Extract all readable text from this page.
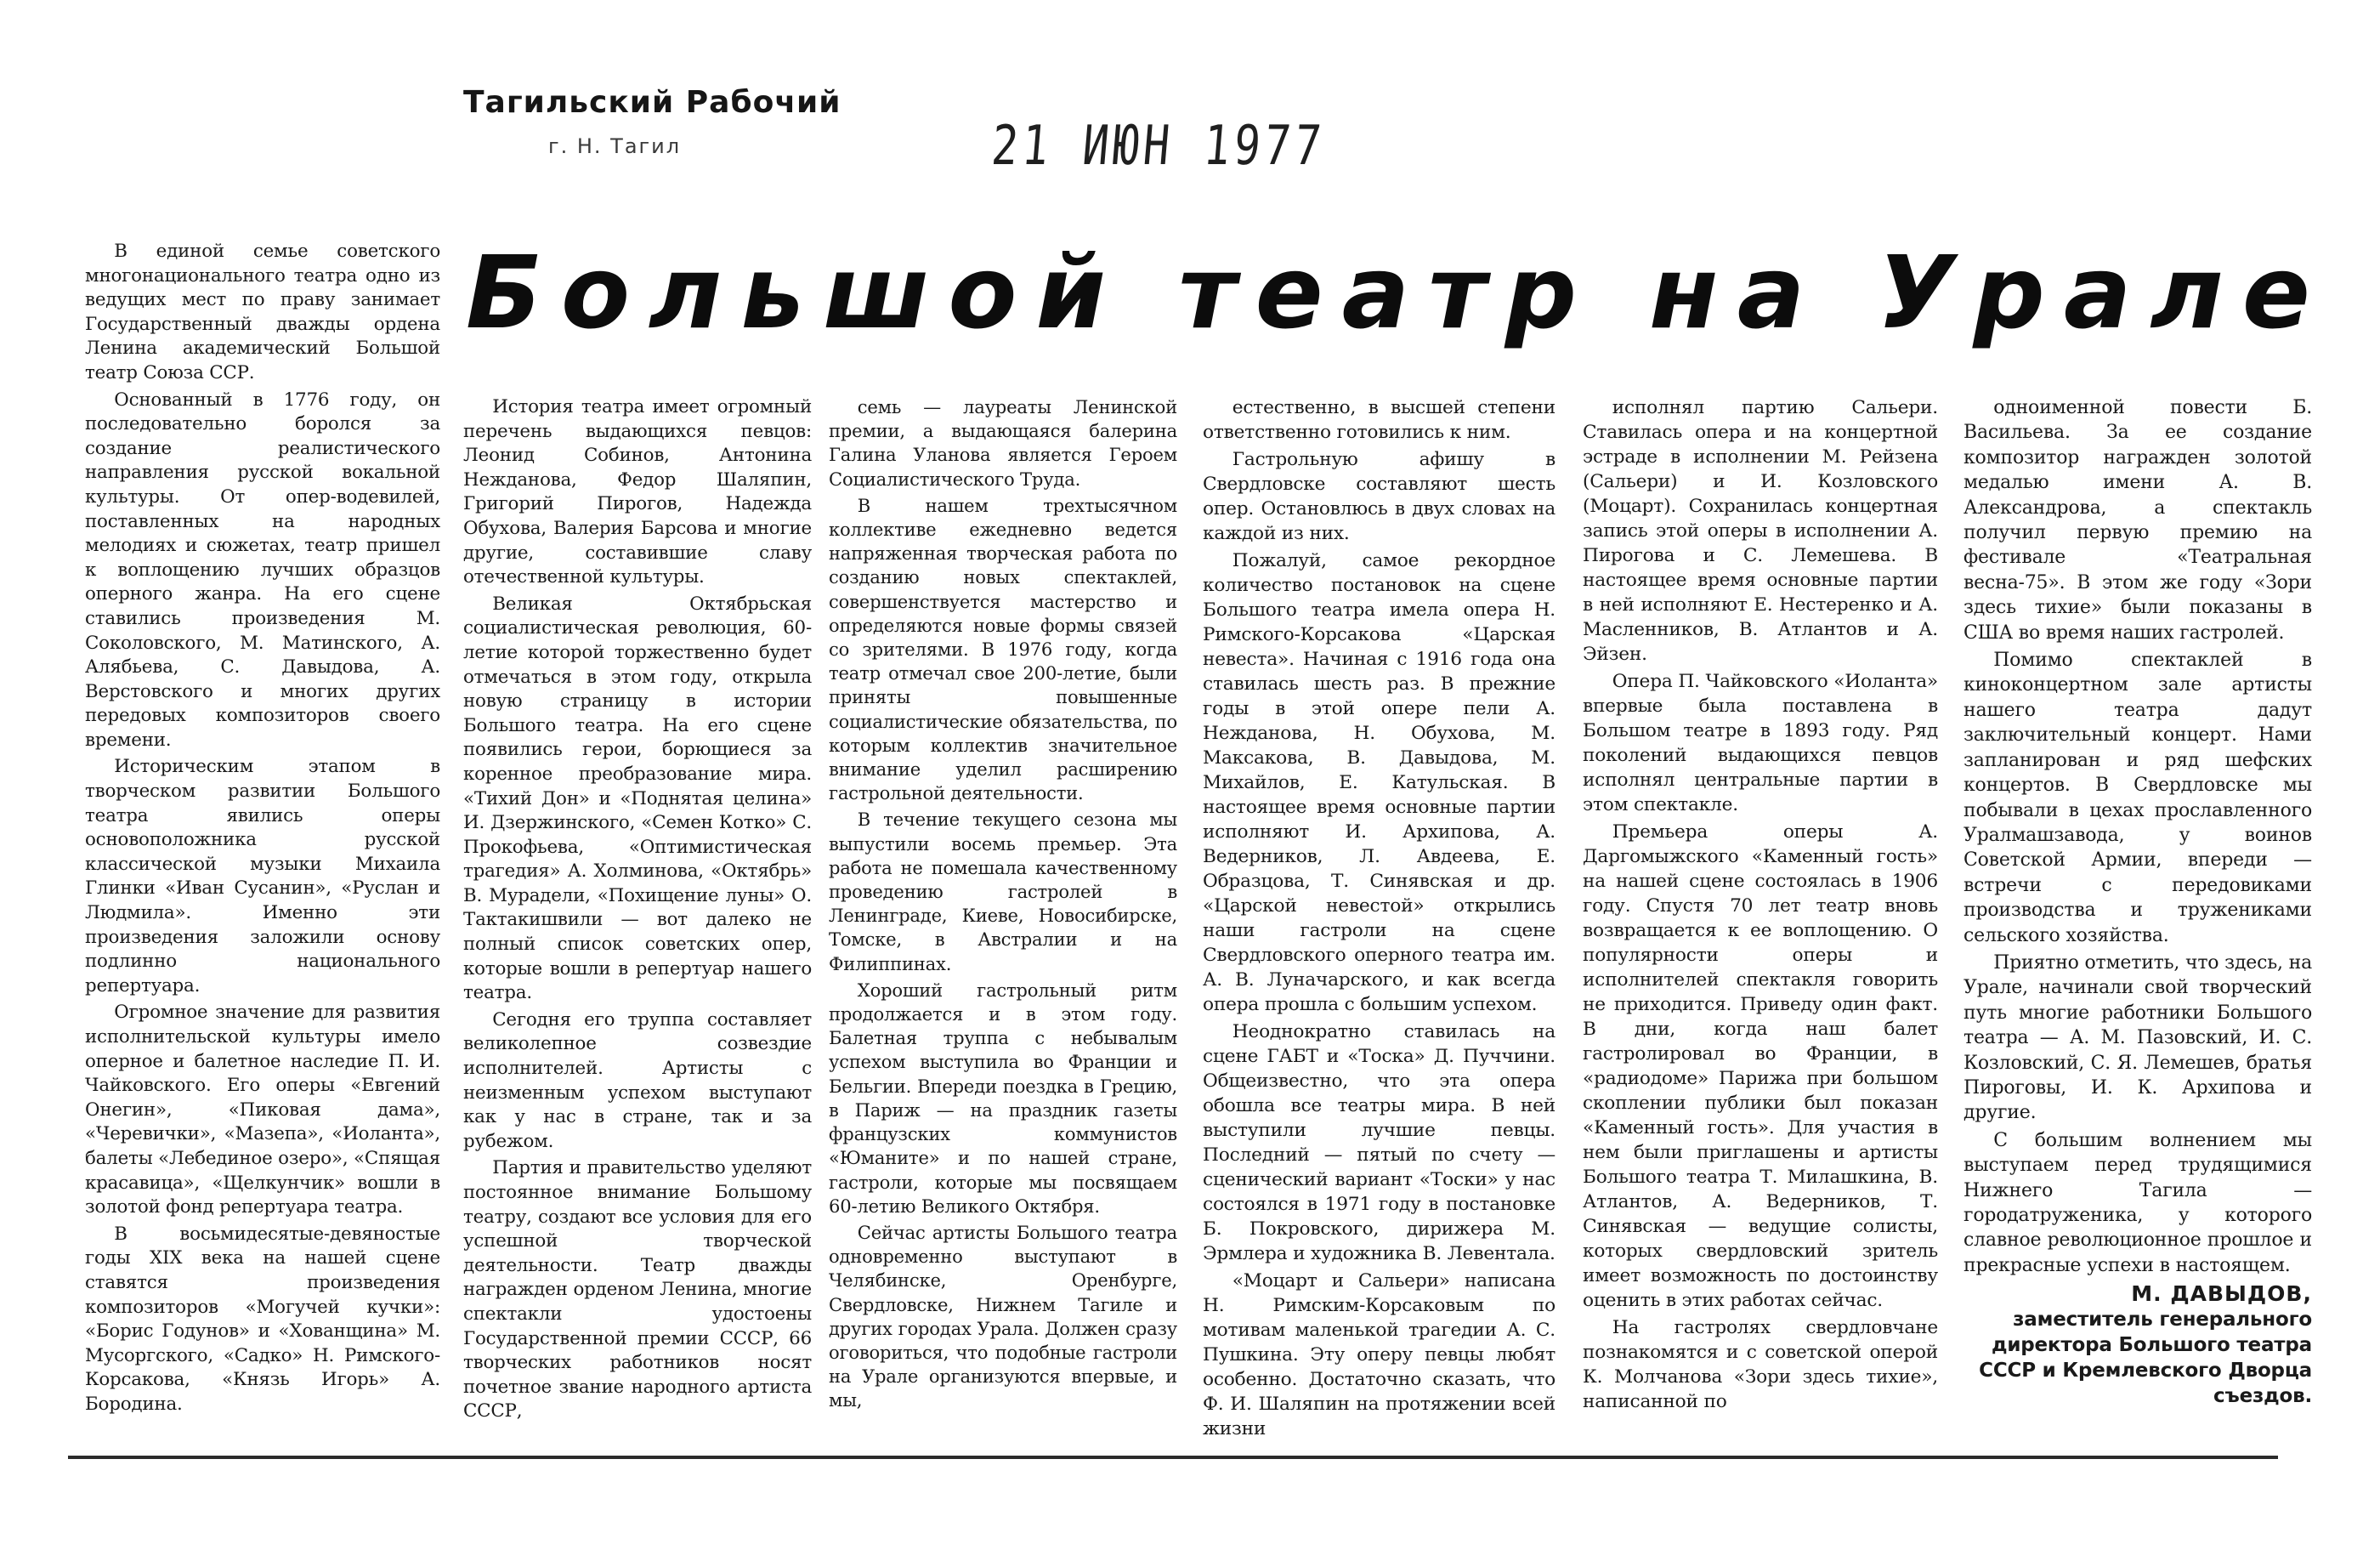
Тагильский Рабочий
г. Н. Тагил	21 ИЮН 1977
Большой театр на Урале

В единой семье советского многонационального театра одно из ведущих мест по праву занимает Государственный дважды ордена Ленина академический Большой театр Союза ССР.

Основанный в 1776 году, он последовательно боролся за создание реалистического направления русской вокальной культуры. От опер-водевилей, поставленных на народных мелодиях и сюжетах, театр пришел к воплощению лучших образцов оперного жанра. На его сцене ставились произведения М. Соколовского, М. Матинского, А. Алябьева, С. Давыдова, А. Верстовского и многих других передовых композиторов своего времени.

Историческим этапом в творческом развитии Большого театра явились оперы основоположника русской классической музыки Михаила Глинки «Иван Сусанин», «Руслан и Людмила». Именно эти произведения заложили основу подлинно национального репертуара.

Огромное значение для развития исполнительской культуры имело оперное и балетное наследие П. И. Чайковского. Его оперы «Евгений Онегин», «Пиковая дама», «Черевички», «Мазепа», «Иоланта», балеты «Лебединое озеро», «Спящая красавица», «Щелкунчик» вошли в золотой фонд репертуара театра.

В восьмидесятые-девяностые годы XIX века на нашей сцене ставятся произведения композиторов «Могучей кучки»: «Борис Годунов» и «Хованщина» М. Мусоргского, «Садко» Н. Римского-Корсакова, «Князь Игорь» А. Бородина.

История театра имеет огромный перечень выдающихся певцов: Леонид Собинов, Антонина Нежданова, Федор Шаляпин, Григорий Пирогов, Надежда Обухова, Валерия Барсова и многие другие, составившие славу отечественной культуры.

Великая Октябрьская социалистическая революция, 60-летие которой торжественно будет отмечаться в этом году, открыла новую страницу в истории Большого театра. На его сцене появились герои, борющиеся за коренное преобразование мира. «Тихий Дон» и «Поднятая целина» И. Дзержинского, «Семен Котко» С. Прокофьева, «Оптимистическая трагедия» А. Холминова, «Октябрь» В. Мурадели, «Похищение луны» О. Тактакишвили — вот далеко не полный список советских опер, которые вошли в репертуар нашего театра.

Сегодня его труппа составляет великолепное созвездие исполнителей. Артисты с неизменным успехом выступают как у нас в стране, так и за рубежом.

Партия и правительство уделяют постоянное внимание Большому театру, создают все условия для его успешной творческой деятельности. Театр дважды награжден орденом Ленина, многие спектакли удостоены Государственной премии СССР, 66 творческих работников носят почетное звание народного артиста СССР,

семь — лауреаты Ленинской премии, а выдающаяся балерина Галина Уланова является Героем Социалистического Труда.

В нашем трехтысячном коллективе ежедневно ведется напряженная творческая работа по созданию новых спектаклей, совершенствуется мастерство и определяются новые формы связей со зрителями. В 1976 году, когда театр отмечал свое 200-летие, были приняты повышенные социалистические обязательства, по которым коллектив значительное внимание уделил расширению гастрольной деятельности.

В течение текущего сезона мы выпустили восемь премьер. Эта работа не помешала качественному проведению гастролей в Ленинграде, Киеве, Новосибирске, Томске, в Австралии и на Филиппинах.

Хороший гастрольный ритм продолжается и в этом году. Балетная труппа с небывалым успехом выступила во Франции и Бельгии. Впереди поездка в Грецию, в Париж — на праздник газеты французских коммунистов «Юманите» и по нашей стране, гастроли, которые мы посвящаем 60-летию Великого Октября.

Сейчас артисты Большого театра одновременно выступают в Челябинске, Оренбурге, Свердловске, Нижнем Тагиле и других городах Урала. Должен сразу оговориться, что подобные гастроли на Урале организуются впервые, и мы,

естественно, в высшей степени ответственно готовились к ним.

Гастрольную афишу в Свердловске составляют шесть опер. Остановлюсь в двух словах на каждой из них.

Пожалуй, самое рекордное количество постановок на сцене Большого театра имела опера Н. Римского-Корсакова «Царская невеста». Начиная с 1916 года она ставилась шесть раз. В прежние годы в этой опере пели А. Нежданова, Н. Обухова, М. Максакова, В. Давыдова, М. Михайлов, Е. Катульская. В настоящее время основные партии исполняют И. Архипова, А. Ведерников, Л. Авдеева, Е. Образцова, Т. Синявская и др. «Царской невестой» открылись наши гастроли на сцене Свердловского оперного театра им. А. В. Луначарского, и как всегда опера прошла с большим успехом.

Неоднократно ставилась на сцене ГАБТ и «Тоска» Д. Пуччини. Общеизвестно, что эта опера обошла все театры мира. В ней выступили лучшие певцы. Последний — пятый по счету — сценический вариант «Тоски» у нас состоялся в 1971 году в постановке Б. Покровского, дирижера М. Эрмлера и художника В. Левентала.

«Моцарт и Сальери» написана Н. Римским-Корсаковым по мотивам маленькой трагедии А. С. Пушкина. Эту оперу певцы любят особенно. Достаточно сказать, что Ф. И. Шаляпин на протяжении всей жизни

исполнял партию Сальери. Ставилась опера и на концертной эстраде в исполнении М. Рейзена (Сальери) и И. Козловского (Моцарт). Сохранилась концертная запись этой оперы в исполнении А. Пирогова и С. Лемешева. В настоящее время основные партии в ней исполняют Е. Нестеренко и А. Масленников, В. Атлантов и А. Эйзен.

Опера П. Чайковского «Иоланта» впервые была поставлена в Большом театре в 1893 году. Ряд поколений выдающихся певцов исполнял центральные партии в этом спектакле.

Премьера оперы А. Даргомыжского «Каменный гость» на нашей сцене состоялась в 1906 году. Спустя 70 лет театр вновь возвращается к ее воплощению. О популярности оперы и исполнителей спектакля говорить не приходится. Приведу один факт. В дни, когда наш балет гастролировал во Франции, в «радиодоме» Парижа при большом скоплении публики был показан «Каменный гость». Для участия в нем были приглашены и артисты Большого театра Т. Милашкина, В. Атлантов, А. Ведерников, Т. Синявская — ведущие солисты, которых свердловский зритель имеет возможность по достоинству оценить в этих работах сейчас.

На гастролях свердловчане познакомятся и с советской оперой К. Молчанова «Зори здесь тихие», написанной по

одноименной повести Б. Васильева. За ее создание композитор награжден золотой медалью имени А. В. Александрова, а спектакль получил первую премию на фестивале «Театральная весна-75». В этом же году «Зори здесь тихие» были показаны в США во время наших гастролей.

Помимо спектаклей в киноконцертном зале артисты нашего театра дадут заключительный концерт. Нами запланирован и ряд шефских концертов. В Свердловске мы побывали в цехах прославленного Уралмашзавода, у воинов Советской Армии, впереди — встречи с передовиками производства и тружениками сельского хозяйства.

Приятно отметить, что здесь, на Урале, начинали свой творческий путь многие работники Большого театра — А. М. Пазовский, И. С. Козловский, С. Я. Лемешев, братья Пироговы, И. К. Архипова и другие.

С большим волнением мы выступаем перед трудящимися Нижнего Тагила — городатруженика, у которого славное революционное прошлое и прекрасные успехи в настоящем.

М. ДАВЫДОВ,
заместитель генерального директора Большого театра СССР и Кремлевского Дворца съездов.
